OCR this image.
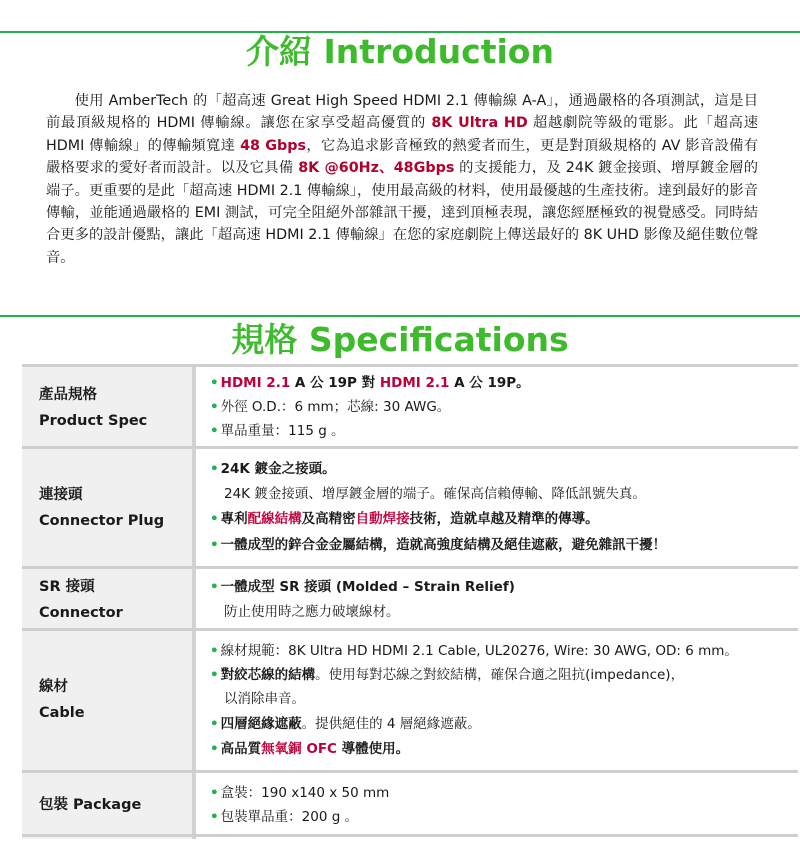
介紹 Introduction

使用 AmberTech 的「超高速 Great High Speed HDMI 2.1 傳輸線 A-A」，通過嚴格的各項測試，這是目前最頂級規格的 HDMI 傳輸線。讓您在家享受超高優質的 8K Ultra HD 超越劇院等級的電影。此「超高速 HDMI 傳輸線」的傳輸頻寬達 48 Gbps，它為追求影音極致的熱愛者而生，更是對頂級規格的 AV 影音設備有嚴格要求的愛好者而設計。以及它具備 8K @60Hz、48Gbps 的支援能力，及 24K 鍍金接頭、增厚鍍金層的端子。更重要的是此「超高速 HDMI 2.1 傳輸線」，使用最高級的材料，使用最優越的生產技術。達到最好的影音傳輸，並能通過嚴格的 EMI 測試，可完全阻絕外部雜訊干擾，達到頂極表現，讓您經歷極致的視覺感受。同時結合更多的設計優點，讓此「超高速 HDMI 2.1 傳輸線」在您的家庭劇院上傳送最好的 8K UHD 影像及絕佳數位聲音。

規格 Specifications
產品規格
Product Spec
• HDMI 2.1 A 公 19P 對 HDMI 2.1 A 公 19P。
• 外徑 O.D.：6 mm；芯線: 30 AWG。
• 單品重量：115 g 。
連接頭
Connector Plug
• 24K 鍍金之接頭。
24K 鍍金接頭、增厚鍍金層的端子。確保高信賴傳輸、降低訊號失真。
• 專利配線結構及高精密自動焊接技術，造就卓越及精準的傳導。
• 一體成型的鋅合金金屬結構，造就高強度結構及絕佳遮蔽，避免雜訊干擾！
SR 接頭
Connector
• 一體成型 SR 接頭 (Molded – Strain Relief)
防止使用時之應力破壞線材。
線材
Cable
• 線材規範：8K Ultra HD HDMI 2.1 Cable, UL20276, Wire: 30 AWG, OD: 6 mm。
• 對絞芯線的結構。使用每對芯線之對絞結構，確保合適之阻抗(impedance)，
以消除串音。
• 四層絕緣遮蔽。提供絕佳的 4 層絕緣遮蔽。
• 高品質無氧銅 OFC 導體使用。
包裝 Package
• 盒裝：190 x140 x 50 mm
• 包裝單品重：200 g 。
